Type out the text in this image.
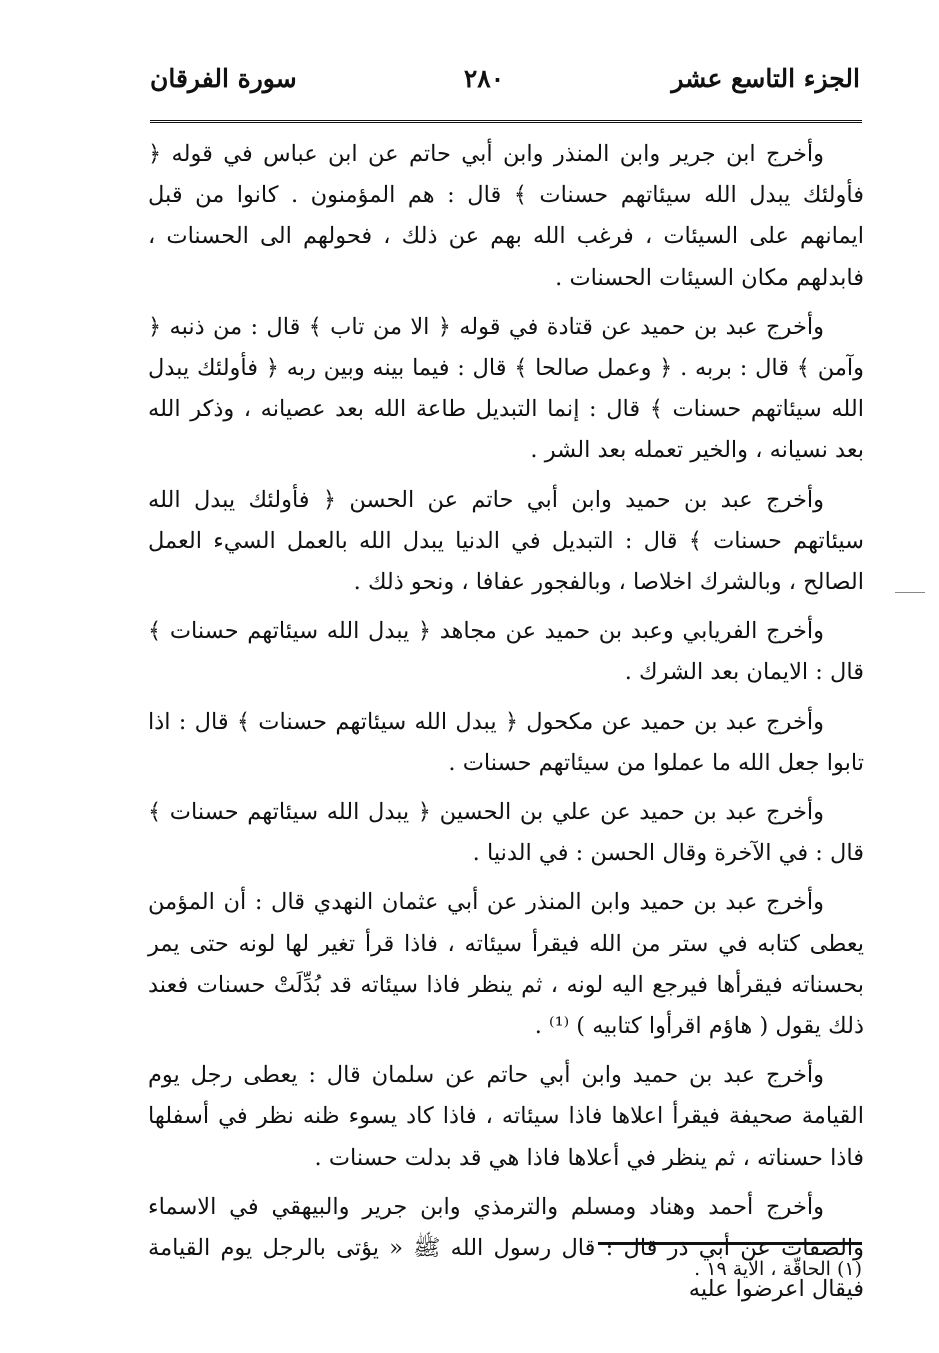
الجزء التاسع عشر
٢٨٠
سورة الفرقان

وأخرج ابن جرير وابن المنذر وابن أبي حاتم عن ابن عباس في قوله ﴿ فأولئك يبدل الله سيئاتهم حسنات ﴾ قال : هم المؤمنون . كانوا من قبل ايمانهم على السيئات ، فرغب الله بهم عن ذلك ، فحولهم الى الحسنات ، فابدلهم مكان السيئات الحسنات .

وأخرج عبد بن حميد عن قتادة في قوله ﴿ الا من تاب ﴾ قال : من ذنبه ﴿ وآمن ﴾ قال : بربه . ﴿ وعمل صالحا ﴾ قال : فيما بينه وبين ربه ﴿ فأولئك يبدل الله سيئاتهم حسنات ﴾ قال : إنما التبديل طاعة الله بعد عصيانه ، وذكر الله بعد نسيانه ، والخير تعمله بعد الشر .

وأخرج عبد بن حميد وابن أبي حاتم عن الحسن ﴿ فأولئك يبدل الله سيئاتهم حسنات ﴾ قال : التبديل في الدنيا يبدل الله بالعمل السيء العمل الصالح ، وبالشرك اخلاصا ، وبالفجور عفافا ، ونحو ذلك .

وأخرج الفريابي وعبد بن حميد عن مجاهد ﴿ يبدل الله سيئاتهم حسنات ﴾ قال : الايمان بعد الشرك .

وأخرج عبد بن حميد عن مكحول ﴿ يبدل الله سيئاتهم حسنات ﴾ قال : اذا تابوا جعل الله ما عملوا من سيئاتهم حسنات .

وأخرج عبد بن حميد عن علي بن الحسين ﴿ يبدل الله سيئاتهم حسنات ﴾ قال : في الآخرة وقال الحسن : في الدنيا .

وأخرج عبد بن حميد وابن المنذر عن أبي عثمان النهدي قال : أن المؤمن يعطى كتابه في ستر من الله فيقرأ سيئاته ، فاذا قرأ تغير لها لونه حتى يمر بحسناته فيقرأها فيرجع اليه لونه ، ثم ينظر فاذا سيئاته قد بُدِّلَتْ حسنات فعند ذلك يقول ( هاؤم اقرأوا كتابيه ) ⁽¹⁾ .

وأخرج عبد بن حميد وابن أبي حاتم عن سلمان قال : يعطى رجل يوم القيامة صحيفة فيقرأ اعلاها فاذا سيئاته ، فاذا كاد يسوء ظنه نظر في أسفلها فاذا حسناته ، ثم ينظر في أعلاها فاذا هي قد بدلت حسنات .

وأخرج أحمد وهناد ومسلم والترمذي وابن جرير والبيهقي في الاسماء والصفات عن أبي ذر قال : قال رسول الله ﷺ « يؤتى بالرجل يوم القيامة فيقال اعرضوا عليه

(١) الحاقّة ، الآية ١٩ .
